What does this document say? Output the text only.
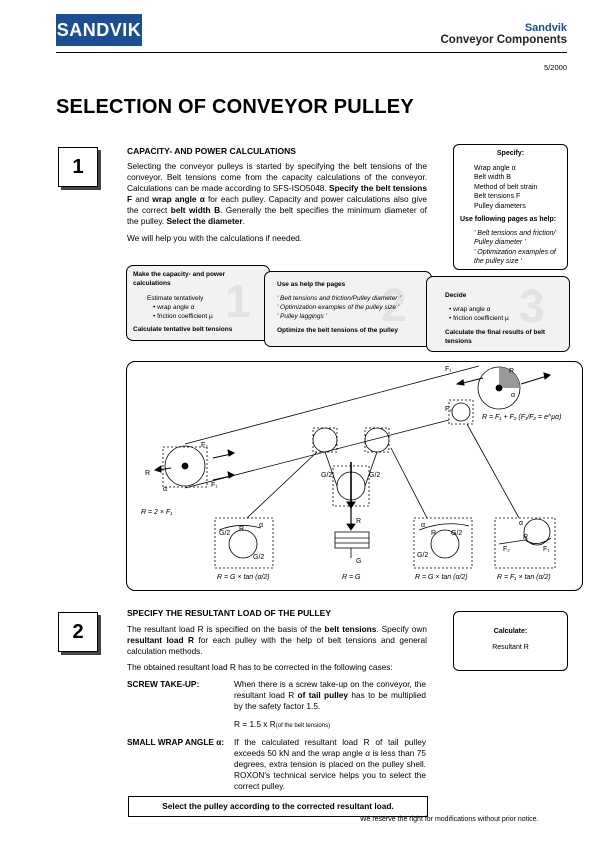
SANDVIK	Sandvik
Conveyor Components
5/2000
SELECTION OF CONVEYOR PULLEY
1
CAPACITY- AND POWER CALCULATIONS
Selecting the conveyor pulleys is started by specifying the belt tensions of the conveyor. Belt tensions come from the capacity calculations of the conveyor. Calculations can be made according to SFS-ISO5048. Specify the belt tensions F and wrap angle α for each pulley. Capacity and power calculations also give the correct belt width B. Generally the belt specifies the minimum diameter of the pulley. Select the diameter.
We will help you with the calculations if needed.
Specify:
Wrap angle α
Belt width B
Method of belt strain
Belt tensions F
Pulley diameters
Use following pages as help:
' Belt tensions and friction/ Pulley diameter '
' Optimization examples of the pulley size '
1
Make the capacity- and power calculations
Estimate tentatively
• wrap angle α
• friction coefficient μ
Calculate tentative belt tensions	2
Use as help the pages
' Belt tensions and friction/Pulley diameter '
' Optimization examples of the pulley size '
' Pulley laggings '
Optimize the belt tensions of the pulley	3
Decide
• wrap angle α
• friction coefficient μ
Calculate the final results of belt tensions
F₁	R
F₂
α
R = F₁ + F₂ (F₁/F₂ = e^μα)
F₂
R
F₁
α
R = 2 × F₁
G/2	G/2
R
G
G/2
G/2
R
α
G/2
G/2
R
α
R
F₂	F₁
α
R = G × tan (α/2)	R = G	R = G × tan (α/2)	R = F₁ × tan (α/2)
2
SPECIFY THE RESULTANT LOAD OF THE PULLEY
The resultant load R is specified on the basis of the belt tensions. Specify own resultant load R for each pulley with the help of belt tensions and general calculation methods.
The obtained resultant load R has to be corrected in the following cases:
SCREW TAKE-UP:	When there is a screw take-up on the conveyor, the resultant load R of tail pulley has to be multiplied by the safety factor 1.5.
R = 1.5 x R(of the belt tensions)
SMALL WRAP ANGLE α: If the calculated resultant load R of tail pulley exceeds 50 kN and the wrap angle α is less than 75 degrees, extra tension is placed on the pulley shell. ROXON's technical service helps you to select the correct pulley.
Calculate:
Resultant R
Select the pulley according to the corrected resultant load.
We reserve the right for modifications without prior notice.
